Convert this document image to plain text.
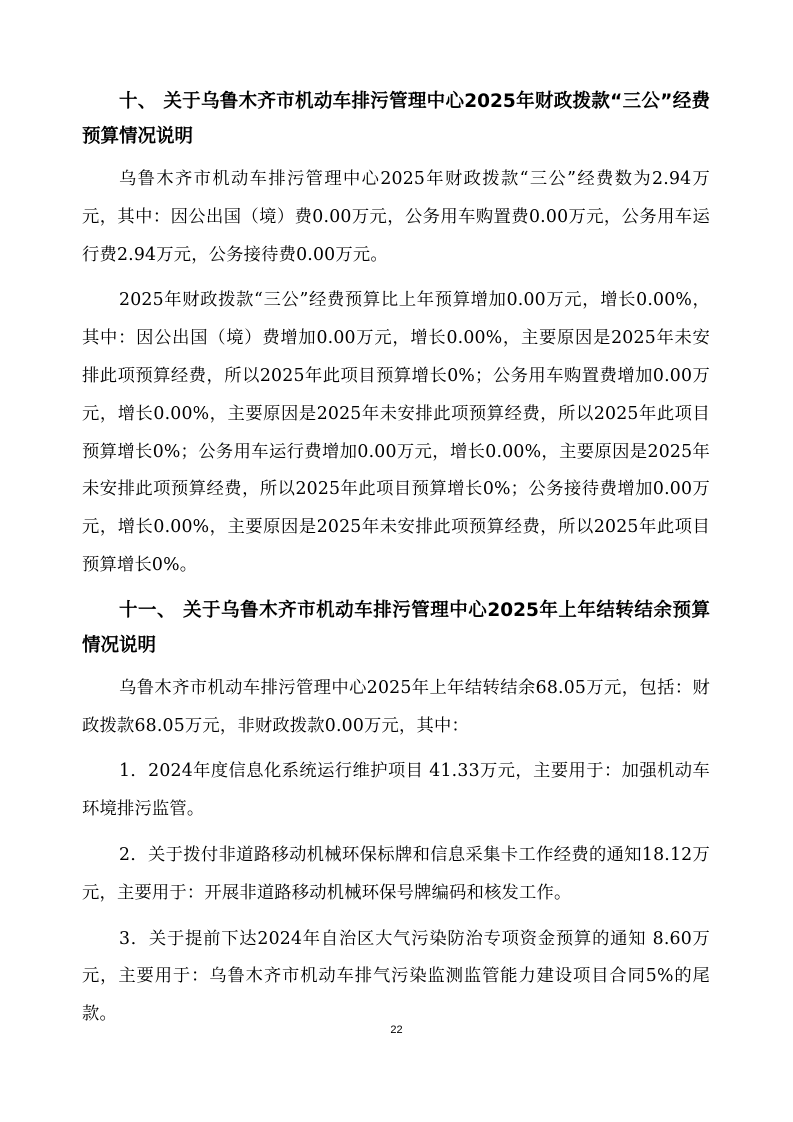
十、 关于乌鲁木齐市机动车排污管理中心2025年财政拨款“三公”经费预算情况说明

乌鲁木齐市机动车排污管理中心2025年财政拨款“三公”经费数为2.94万元，其中：因公出国（境）费0.00万元，公务用车购置费0.00万元，公务用车运行费2.94万元，公务接待费0.00万元。

2025年财政拨款“三公”经费预算比上年预算增加0.00万元，增长0.00%，其中：因公出国（境）费增加0.00万元，增长0.00%，主要原因是2025年未安排此项预算经费，所以2025年此项目预算增长0%；公务用车购置费增加0.00万元，增长0.00%，主要原因是2025年未安排此项预算经费，所以2025年此项目预算增长0%；公务用车运行费增加0.00万元，增长0.00%，主要原因是2025年未安排此项预算经费，所以2025年此项目预算增长0%；公务接待费增加0.00万元，增长0.00%，主要原因是2025年未安排此项预算经费，所以2025年此项目预算增长0%。

十一、 关于乌鲁木齐市机动车排污管理中心2025年上年结转结余预算情况说明

乌鲁木齐市机动车排污管理中心2025年上年结转结余68.05万元，包括：财政拨款68.05万元，非财政拨款0.00万元，其中：

1．2024年度信息化系统运行维护项目 41.33万元，主要用于：加强机动车环境排污监管。

2．关于拨付非道路移动机械环保标牌和信息采集卡工作经费的通知18.12万元，主要用于：开展非道路移动机械环保号牌编码和核发工作。

3．关于提前下达2024年自治区大气污染防治专项资金预算的通知 8.60万元，主要用于：乌鲁木齐市机动车排气污染监测监管能力建设项目合同5%的尾款。

22
